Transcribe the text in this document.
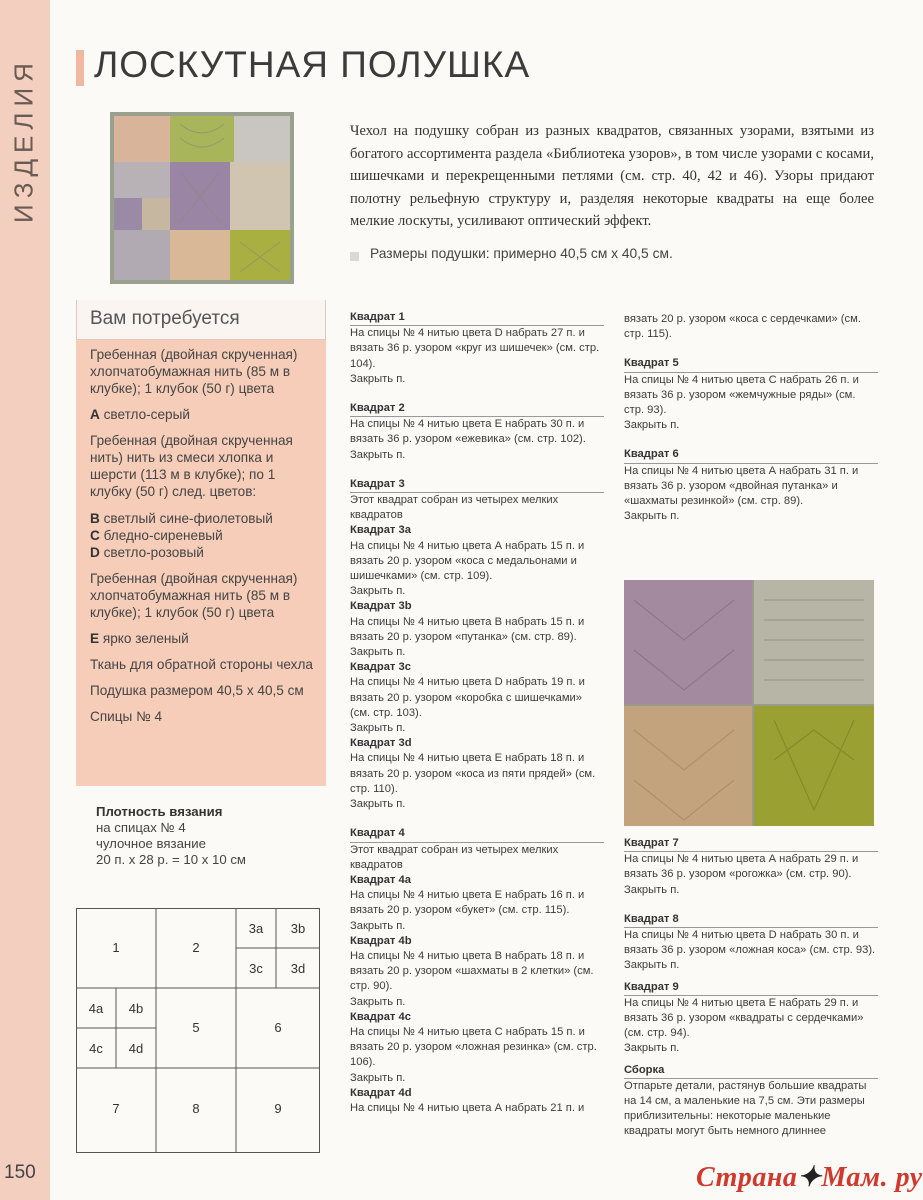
ИЗДЕЛИЯ
150
ЛОСКУТНАЯ ПОЛУШКА
Чехол на подушку собран из разных квадратов, связанных узорами, взятыми из богатого ассортимента раздела «Библиотека узоров», в том числе узорами с косами, шишечками и перекрещенными петлями (см. стр. 40, 42 и 46). Узоры придают полотну рельефную структуру и, разделяя некоторые квадраты на еще более мелкие лоскуты, усиливают оптический эффект.
Размеры подушки: примерно 40,5 см х 40,5 см.
Вам потребуется
Гребенная (двойная скрученная) хлопчатобумажная нить (85 м в клубке); 1 клубок (50 г) цвета
А светло-серый
Гребенная (двойная скрученная нить) нить из смеси хлопка и шерсти (113 м в клубке); по 1 клубку (50 г) след. цветов:
В светлый сине-фиолетовый
С бледно-сиреневый
D светло-розовый
Гребенная (двойная скрученная) хлопчатобумажная нить (85 м в клубке); 1 клубок (50 г) цвета
Е ярко зеленый
Ткань для обратной стороны чехла
Подушка размером 40,5 х 40,5 см
Спицы № 4
Плотность вязания
на спицах № 4
чулочное вязание
20 п. х 28 р. = 10 х 10 см
1	2
3a 3b
3c 3d
4a 4b
4c 4d
5	6
7	8	9
Квадрат 1
На спицы № 4 нитью цвета D набрать 27 п. и вязать 36 р. узором «круг из шишечек» (см. стр. 104).
Закрыть п.
Квадрат 2
На спицы № 4 нитью цвета Е набрать 30 п. и вязать 36 р. узором «ежевика» (см. стр. 102).
Закрыть п.
Квадрат 3
Этот квадрат собран из четырех мелких квадратов
Квадрат 3а
На спицы № 4 нитью цвета А набрать 15 п. и вязать 20 р. узором «коса с медальонами и шишечками» (см. стр. 109).
Закрыть п.
Квадрат 3b
На спицы № 4 нитью цвета В набрать 15 п. и вязать 20 р. узором «путанка» (см. стр. 89).
Закрыть п.
Квадрат 3с
На спицы № 4 нитью цвета D набрать 19 п. и вязать 20 р. узором «коробка с шишечками» (см. стр. 103).
Закрыть п.
Квадрат 3d
На спицы № 4 нитью цвета Е набрать 18 п. и вязать 20 р. узором «коса из пяти прядей» (см. стр. 110).
Закрыть п.
Квадрат 4
Этот квадрат собран из четырех мелких квадратов
Квадрат 4а
На спицы № 4 нитью цвета Е набрать 16 п. и вязать 20 р. узором «букет» (см. стр. 115).
Закрыть п.
Квадрат 4b
На спицы № 4 нитью цвета В набрать 18 п. и вязать 20 р. узором «шахматы в 2 клетки» (см. стр. 90).
Закрыть п.
Квадрат 4с
На спицы № 4 нитью цвета С набрать 15 п. и вязать 20 р. узором «ложная резинка» (см. стр. 106).
Закрыть п.
Квадрат 4d
На спицы № 4 нитью цвета А набрать 21 п. и
вязать 20 р. узором «коса с сердечками» (см. стр. 115).
Квадрат 5
На спицы № 4 нитью цвета С набрать 26 п. и вязать 36 р. узором «жемчужные ряды» (см. стр. 93).
Закрыть п.
Квадрат 6
На спицы № 4 нитью цвета А набрать 31 п. и вязать 36 р. узором «двойная путанка» и «шахматы резинкой» (см. стр. 89).
Закрыть п.
Квадрат 7
На спицы № 4 нитью цвета А набрать 29 п. и вязать 36 р. узором «рогожка» (см. стр. 90).
Закрыть п.
Квадрат 8
На спицы № 4 нитью цвета D набрать 30 п. и вязать 36 р. узором «ложная коса» (см. стр. 93).
Закрыть п.
Квадрат 9
На спицы № 4 нитью цвета Е набрать 29 п. и вязать 36 р. узором «квадраты с сердечками» (см. стр. 94).
Закрыть п.
Сборка
Отпарьте детали, растянув большие квадраты на 14 см, а маленькие на 7,5 см. Эти размеры приблизительны: некоторые маленькие квадраты могут быть немного длиннее
Страна✦Мам. ру
